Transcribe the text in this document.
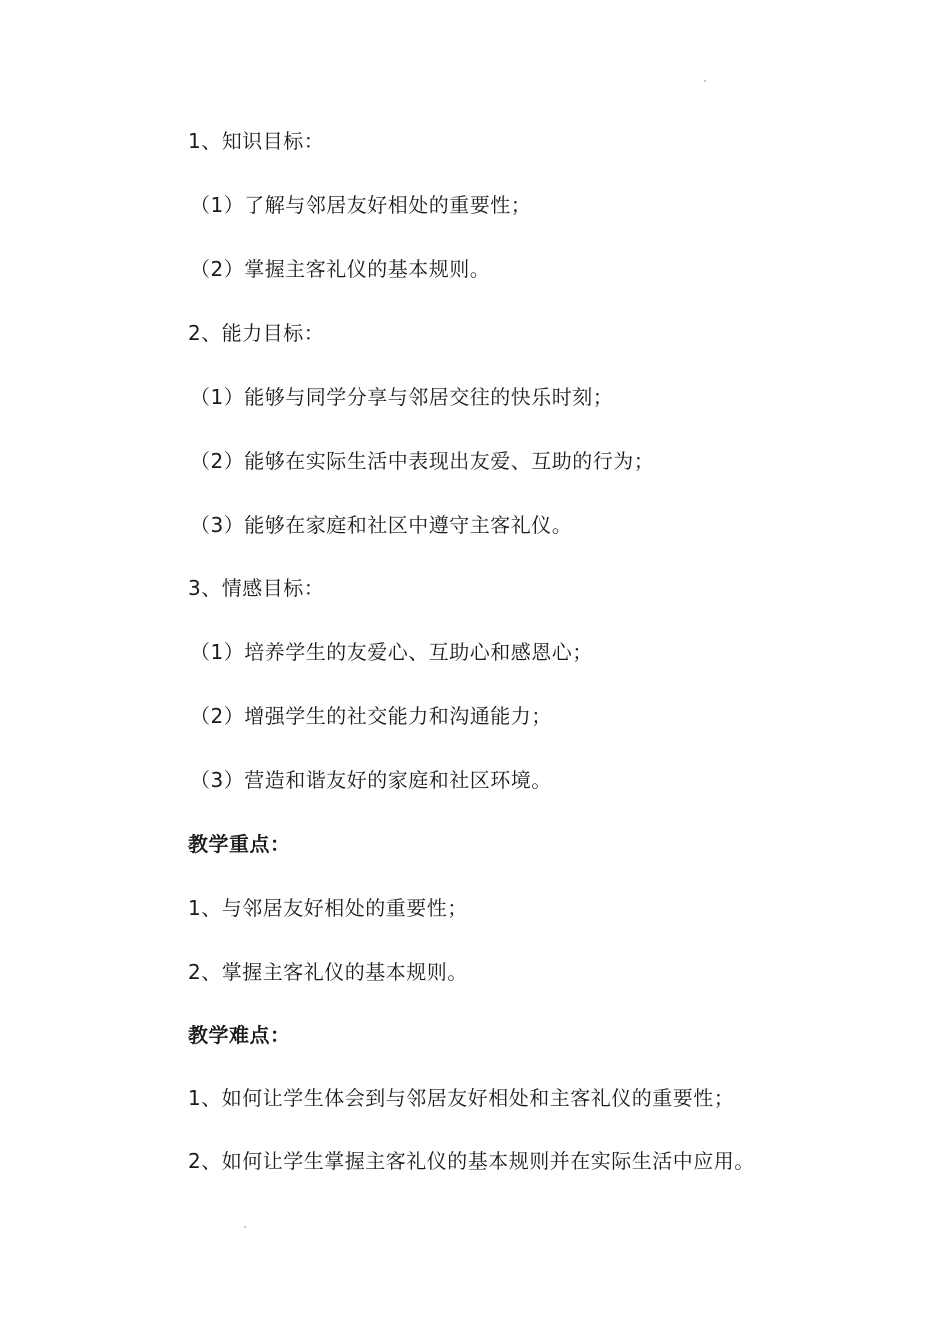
1、知识目标：
（1）了解与邻居友好相处的重要性；
（2）掌握主客礼仪的基本规则。
2、能力目标：
（1）能够与同学分享与邻居交往的快乐时刻；
（2）能够在实际生活中表现出友爱、互助的行为；
（3）能够在家庭和社区中遵守主客礼仪。
3、情感目标：
（1）培养学生的友爱心、互助心和感恩心；
（2）增强学生的社交能力和沟通能力；
（3）营造和谐友好的家庭和社区环境。
教学重点：
1、与邻居友好相处的重要性；
2、掌握主客礼仪的基本规则。
教学难点：
1、如何让学生体会到与邻居友好相处和主客礼仪的重要性；
2、如何让学生掌握主客礼仪的基本规则并在实际生活中应用。
